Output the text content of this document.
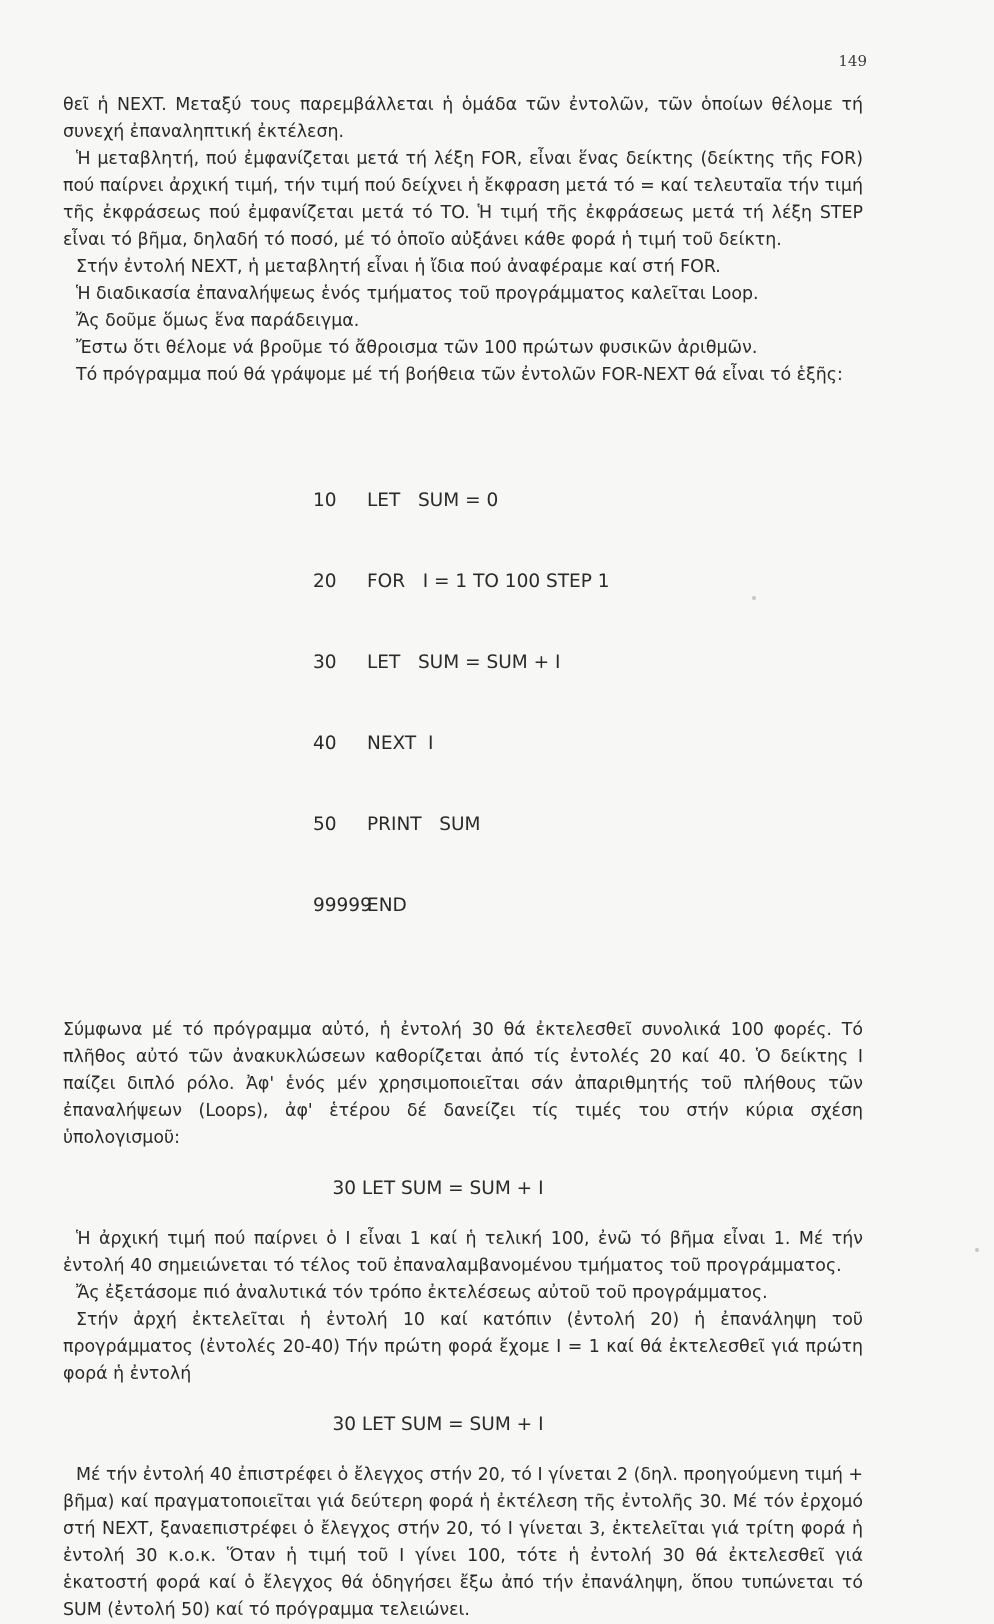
149

θεῖ ἡ NEXT. Μεταξύ τους παρεμβάλλεται ἡ ὁμάδα τῶν ἐντολῶν, τῶν ὁποίων θέλομε τή συνεχή ἐπαναληπτική ἐκτέλεση.

Ἡ μεταβλητή, πού ἐμφανίζεται μετά τή λέξη FOR, εἶναι ἕνας δείκτης (δείκτης τῆς FOR) πού παίρνει ἀρχική τιμή, τήν τιμή πού δείχνει ἡ ἔκφραση μετά τό = καί τελευταῖα τήν τιμή τῆς ἐκφράσεως πού ἐμφανίζεται μετά τό TO. Ἡ τιμή τῆς ἐκφράσεως μετά τή λέξη STEP εἶναι τό βῆμα, δηλαδή τό ποσό, μέ τό ὁποῖο αὐξάνει κάθε φορά ἡ τιμή τοῦ δείκτη.

Στήν ἐντολή NEXT, ἡ μεταβλητή εἶναι ἡ ἴδια πού ἀναφέραμε καί στή FOR.

Ἡ διαδικασία ἐπαναλήψεως ἑνός τμήματος τοῦ προγράμματος καλεῖται Loop.

Ἄς δοῦμε ὅμως ἕνα παράδειγμα.

Ἔστω ὅτι θέλομε νά βροῦμε τό ἄθροισμα τῶν 100 πρώτων φυσικῶν ἀριθμῶν.

Τό πρόγραμμα πού θά γράψομε μέ τή βοήθεια τῶν ἐντολῶν FOR-NEXT θά εἶναι τό ἑξῆς:

10 LET   SUM = 0

20 FOR   I = 1 TO 100 STEP 1

30 LET   SUM = SUM + I

40 NEXT  I

50 PRINT   SUM

99999END

Σύμφωνα μέ τό πρόγραμμα αὐτό, ἡ ἐντολή 30 θά ἐκτελεσθεῖ συνολικά 100 φορές. Τό πλῆθος αὐτό τῶν ἀνακυκλώσεων καθορίζεται ἀπό τίς ἐντολές 20 καί 40. Ὁ δείκτης I παίζει διπλό ρόλο. Ἀφ' ἑνός μέν χρησιμοποιεῖται σάν ἀπαριθμητής τοῦ πλήθους τῶν ἐπαναλήψεων (Loops), ἀφ' ἑτέρου δέ δανείζει τίς τιμές του στήν κύρια σχέση ὑπολογισμοῦ:

30 LET SUM = SUM + I

Ἡ ἀρχική τιμή πού παίρνει ὁ I εἶναι 1 καί ἡ τελική 100, ἐνῶ τό βῆμα εἶναι 1. Μέ τήν ἐντολή 40 σημειώνεται τό τέλος τοῦ ἐπαναλαμβανομένου τμήματος τοῦ προγράμματος.

Ἄς ἐξετάσομε πιό ἀναλυτικά τόν τρόπο ἐκτελέσεως αὐτοῦ τοῦ προγράμματος.

Στήν ἀρχή ἐκτελεῖται ἡ ἐντολή 10 καί κατόπιν (ἐντολή 20) ἡ ἐπανάληψη τοῦ προγράμματος (ἐντολές 20-40) Τήν πρώτη φορά ἔχομε I = 1 καί θά ἐκτελεσθεῖ γιά πρώτη φορά ἡ ἐντολή

30 LET SUM = SUM + I

Μέ τήν ἐντολή 40 ἐπιστρέφει ὁ ἔλεγχος στήν 20, τό I γίνεται 2 (δηλ. προηγούμενη τιμή + βῆμα) καί πραγματοποιεῖται γιά δεύτερη φορά ἡ ἐκτέλεση τῆς ἐντολῆς 30. Μέ τόν ἐρχομό στή NEXT, ξαναεπιστρέφει ὁ ἔλεγχος στήν 20, τό I γίνεται 3, ἐκτελεῖται γιά τρίτη φορά ἡ ἐντολή 30 κ.ο.κ. Ὅταν ἡ τιμή τοῦ I γίνει 100, τότε ἡ ἐντολή 30 θά ἐκτελεσθεῖ γιά ἑκατοστή φορά καί ὁ ἔλεγχος θά ὁδηγήσει ἔξω ἀπό τήν ἐπανάληψη, ὅπου τυπώνεται τό SUM (ἐντολή 50) καί τό πρόγραμμα τελειώνει.
